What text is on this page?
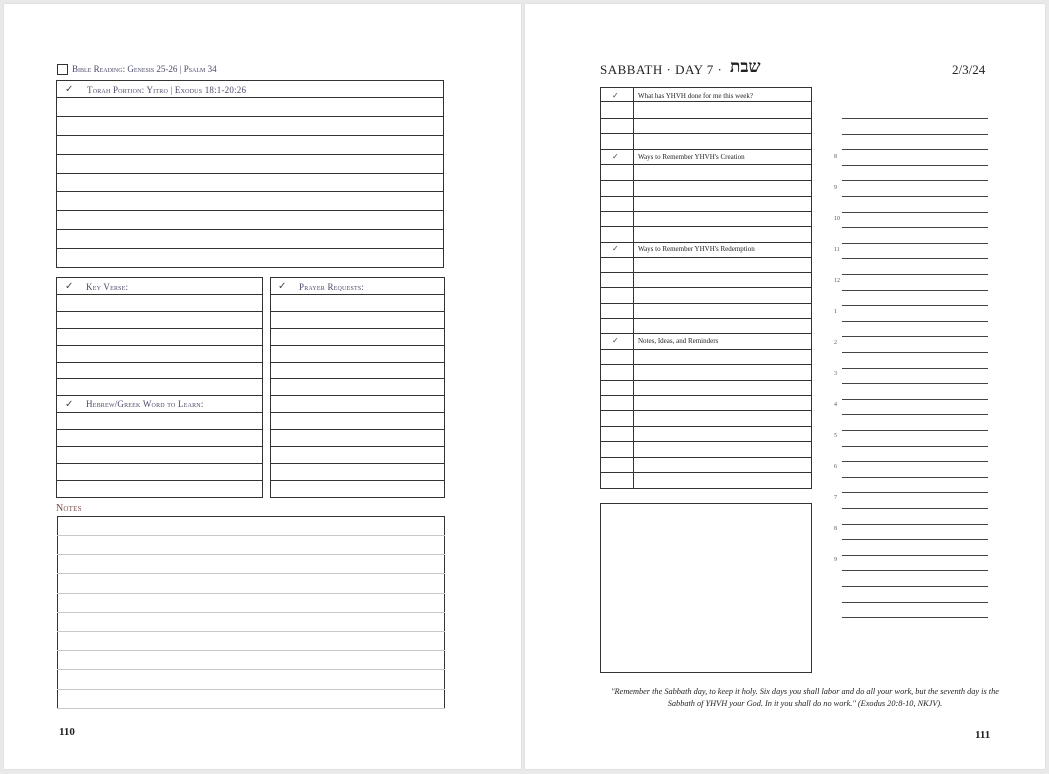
Bible Reading: Genesis 25-26 | Psalm 34
✓ Torah Portion: Yitro | Exodus 18:1-20:26
✓ Key Verse:
✓ Hebrew/Greek Word to Learn:
✓ Prayer Requests:
Notes
110
SABBATH · DAY 7 · שבת	2/3/24
8
9
10
11
12
1
2
3
4
5
6
7
8
9
"Remember the Sabbath day, to keep it holy. Six days you shall labor and do all your work, but the seventh day is the Sabbath of YHVH your God. In it you shall do no work." (Exodus 20:8-10, NKJV).
111
✓	What has YHVH done for me this week?
✓	Ways to Remember YHVH's Creation
✓	Ways to Remember YHVH's Redemption
✓	Notes, Ideas, and Reminders
